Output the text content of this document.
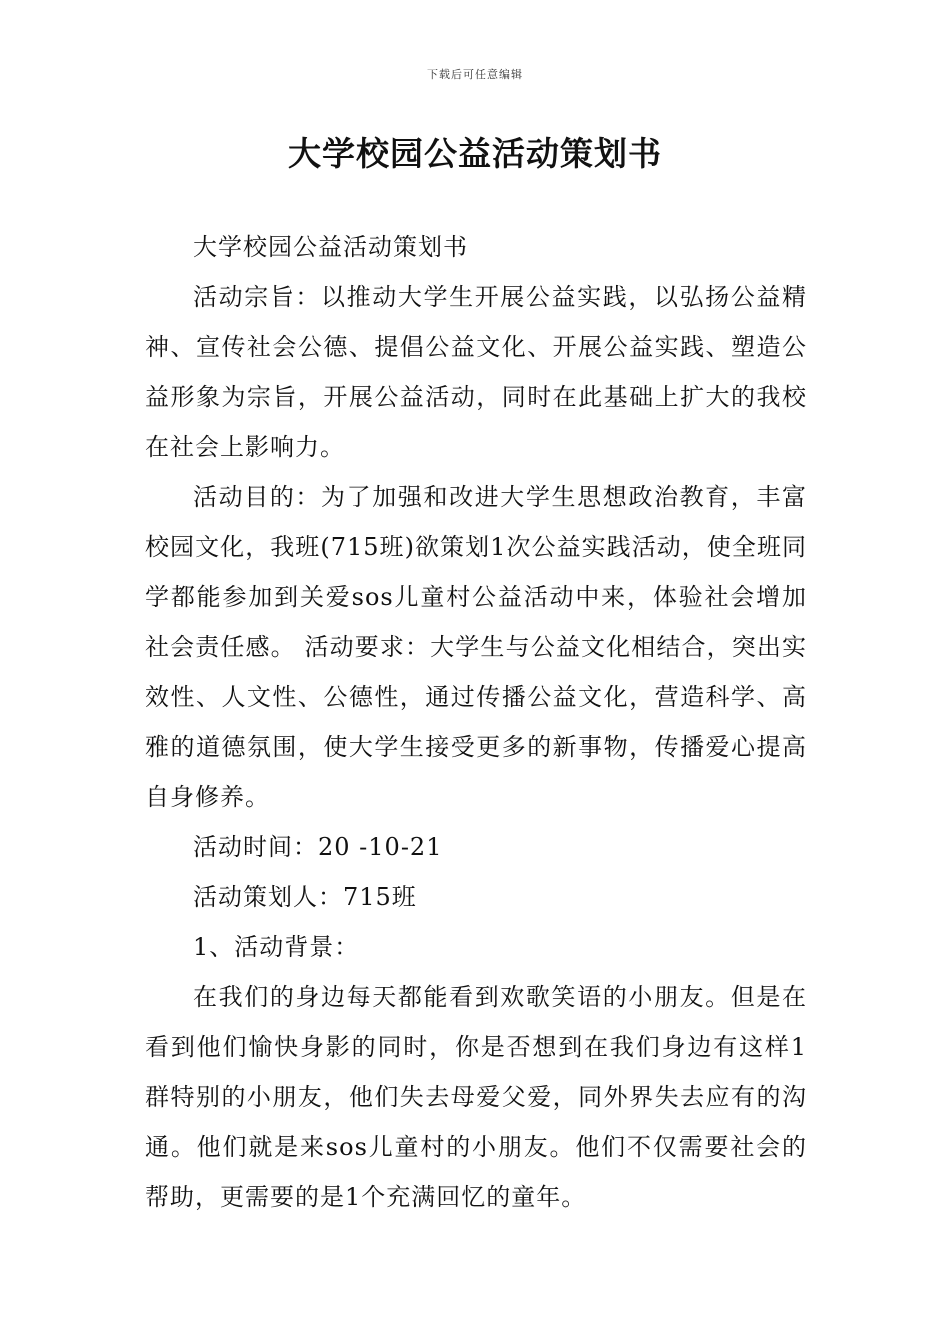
下载后可任意编辑
大学校园公益活动策划书

大学校园公益活动策划书

活动宗旨：以推动大学生开展公益实践，以弘扬公益精神、宣传社会公德、提倡公益文化、开展公益实践、塑造公益形象为宗旨，开展公益活动，同时在此基础上扩大的我校在社会上影响力。

活动目的：为了加强和改进大学生思想政治教育，丰富校园文化，我班(715班)欲策划1次公益实践活动，使全班同学都能参加到关爱sos儿童村公益活动中来，体验社会增加社会责任感。 活动要求：大学生与公益文化相结合，突出实效性、人文性、公德性，通过传播公益文化，营造科学、高雅的道德氛围，使大学生接受更多的新事物，传播爱心提高自身修养。

活动时间：20 -10-21

活动策划人：715班

1、活动背景：

在我们的身边每天都能看到欢歌笑语的小朋友。但是在看到他们愉快身影的同时，你是否想到在我们身边有这样1群特别的小朋友，他们失去母爱父爱，同外界失去应有的沟通。他们就是来sos儿童村的小朋友。他们不仅需要社会的帮助，更需要的是1个充满回忆的童年。
